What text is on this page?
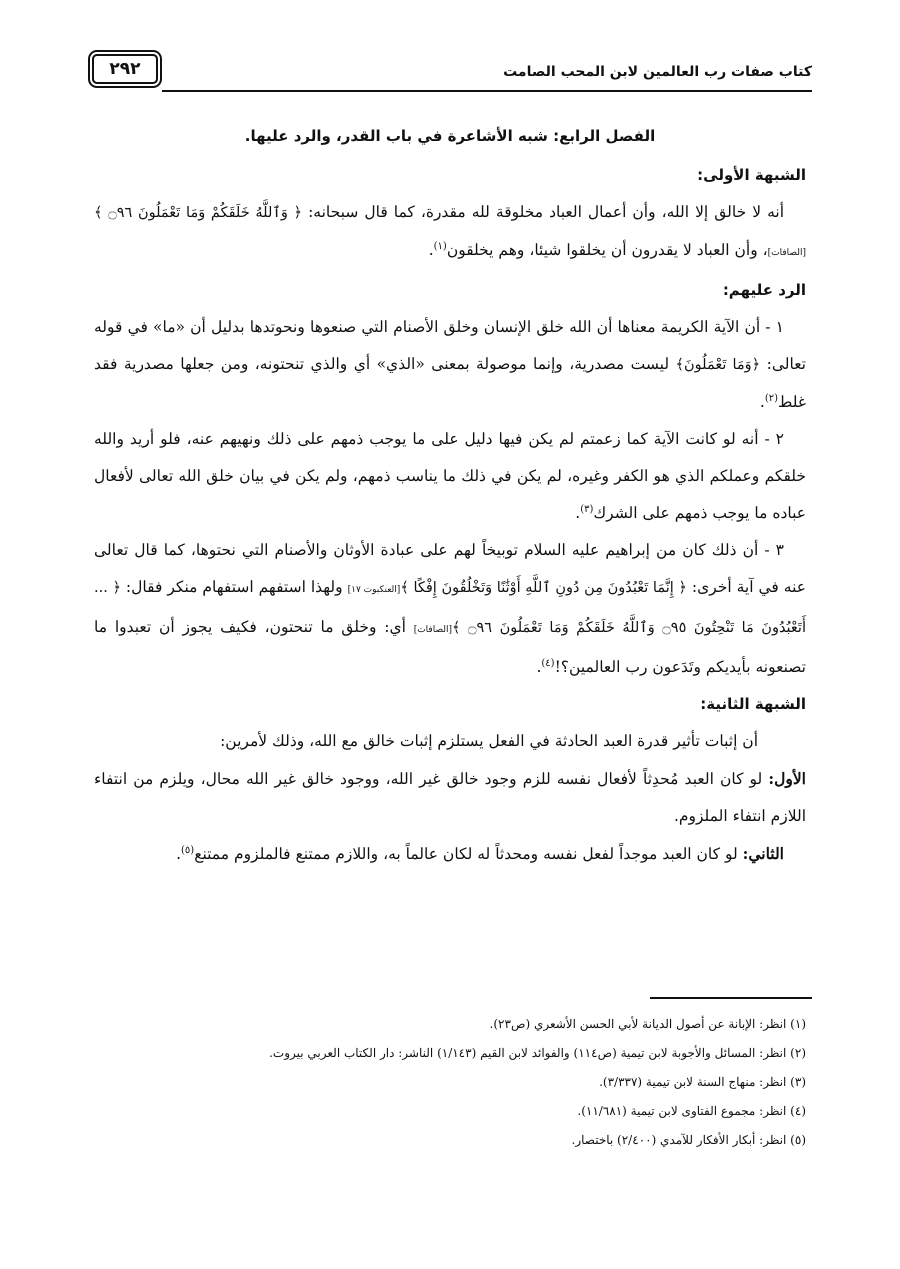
كتاب صفات رب العالمين لابن المحب الصامت
٢٩٢

الفصل الرابع: شبه الأشاعرة في باب القدر، والرد عليها.

الشبهة الأولى:

أنه لا خالق إلا الله، وأن أعمال العباد مخلوقة لله مقدرة، كما قال سبحانه: ﴿ وَٱللَّهُ خَلَقَكُمْ وَمَا تَعْمَلُونَ ۝٩٦ ﴾ [الصافات]، وأن العباد لا يقدرون أن يخلقوا شيئا، وهم يخلقون$^{(١)}$.

الرد عليهم:

١ - أن الآية الكريمة معناها أن الله خلق الإنسان وخلق الأصنام التي صنعوها ونحوتدها بدليل أن «ما» في قوله تعالى: ﴿وَمَا تَعْمَلُونَ﴾ ليست مصدرية، وإنما موصولة بمعنى «الذي» أي والذي تنحتونه، ومن جعلها مصدرية فقد غلط$^{(٢)}$.

٢ - أنه لو كانت الآية كما زعمتم لم يكن فيها دليل على ما يوجب ذمهم على ذلك ونهيهم عنه، فلو أريد والله خلقكم وعملكم الذي هو الكفر وغيره، لم يكن في ذلك ما يناسب ذمهم، ولم يكن في بيان خلق الله تعالى لأفعال عباده ما يوجب ذمهم على الشرك$^{(٣)}$.

٣ - أن ذلك كان من إبراهيم عليه السلام توبيخاً لهم على عبادة الأوثان والأصنام التي نحتوها، كما قال تعالى عنه في آية أخرى: ﴿ إِنَّمَا تَعْبُدُونَ مِن دُونِ ٱللَّهِ أَوْثَٰنًا وَتَخْلُقُونَ إِفْكًا ﴾[العنكبوت ١٧] ولهذا استفهم استفهام منكر فقال: ﴿ ... أَتَعْبُدُونَ مَا تَنْحِتُونَ ۝٩٥ وَٱللَّهُ خَلَقَكُمْ وَمَا تَعْمَلُونَ ۝٩٦ ﴾[الصافات] أي: وخلق ما تنحتون، فكيف يجوز أن تعبدوا ما تصنعونه بأيديكم وتَدَعون رب العالمين؟!$^{(٤)}$.

الشبهة الثانية:

أن إثبات تأثير قدرة العبد الحادثة في الفعل يستلزم إثبات خالق مع الله، وذلك لأمرين:

الأول: لو كان العبد مُحدِثاً لأفعال نفسه للزم وجود خالق غير الله، ووجود خالق غير الله محال، ويلزم من انتفاء اللازم انتفاء الملزوم.

الثاني: لو كان العبد موجداً لفعل نفسه ومحدثاً له لكان عالماً به، واللازم ممتنع فالملزوم ممتنع$^{(٥)}$.

(١) انظر: الإبانة عن أصول الديانة لأبي الحسن الأشعري (ص٢٣).

(٢) انظر: المسائل والأجوبة لابن تيمية (ص١١٤) والفوائد لابن القيم (١/١٤٣) الناشر: دار الكتاب العربي بيروت.

(٣) انظر: منهاج السنة لابن تيمية (٣/٣٣٧).

(٤) انظر: مجموع الفتاوى لابن تيمية (١١/٦٨١).

(٥) انظر: أبكار الأفكار للآمدي (٢/٤٠٠) باختصار.
